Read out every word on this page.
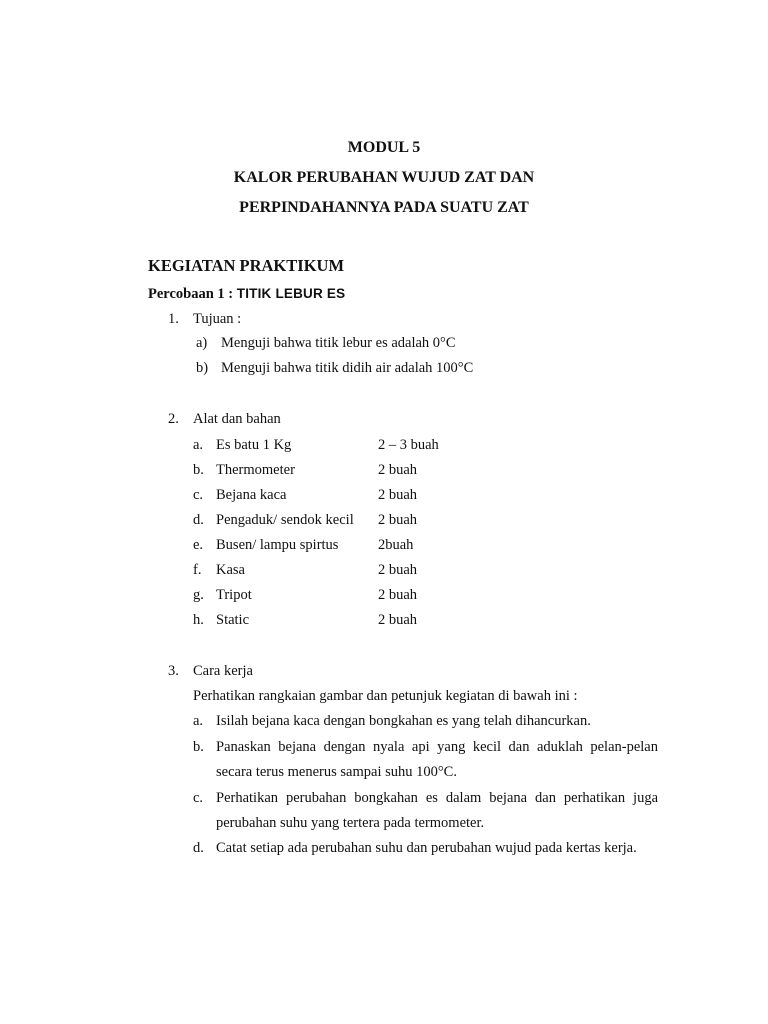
MODUL 5
KALOR PERUBAHAN WUJUD ZAT DAN
PERPINDAHANNYA PADA SUATU ZAT
KEGIATAN PRAKTIKUM
Percobaan 1 : TITIK LEBUR ES
1. Tujuan :
a) Menguji bahwa titik lebur es adalah 0°C
b) Menguji bahwa titik didih air adalah 100°C
2. Alat dan bahan
a. Es batu 1 Kg	2 – 3 buah
b. Thermometer	2 buah
c. Bejana kaca	2 buah
d. Pengaduk/ sendok kecil 2 buah
e. Busen/ lampu spirtus	2buah
f. Kasa	2 buah
g. Tripot	2 buah
h. Static	2 buah
3. Cara kerja
Perhatikan rangkaian gambar dan petunjuk kegiatan di bawah ini :
a. Isilah bejana kaca dengan bongkahan es yang telah dihancurkan.
b. Panaskan bejana dengan nyala api yang kecil dan aduklah pelan-pelan secara terus menerus sampai suhu 100°C.
c. Perhatikan perubahan bongkahan es dalam bejana dan perhatikan juga perubahan suhu yang tertera pada termometer.
d. Catat setiap ada perubahan suhu dan perubahan wujud pada kertas kerja.
